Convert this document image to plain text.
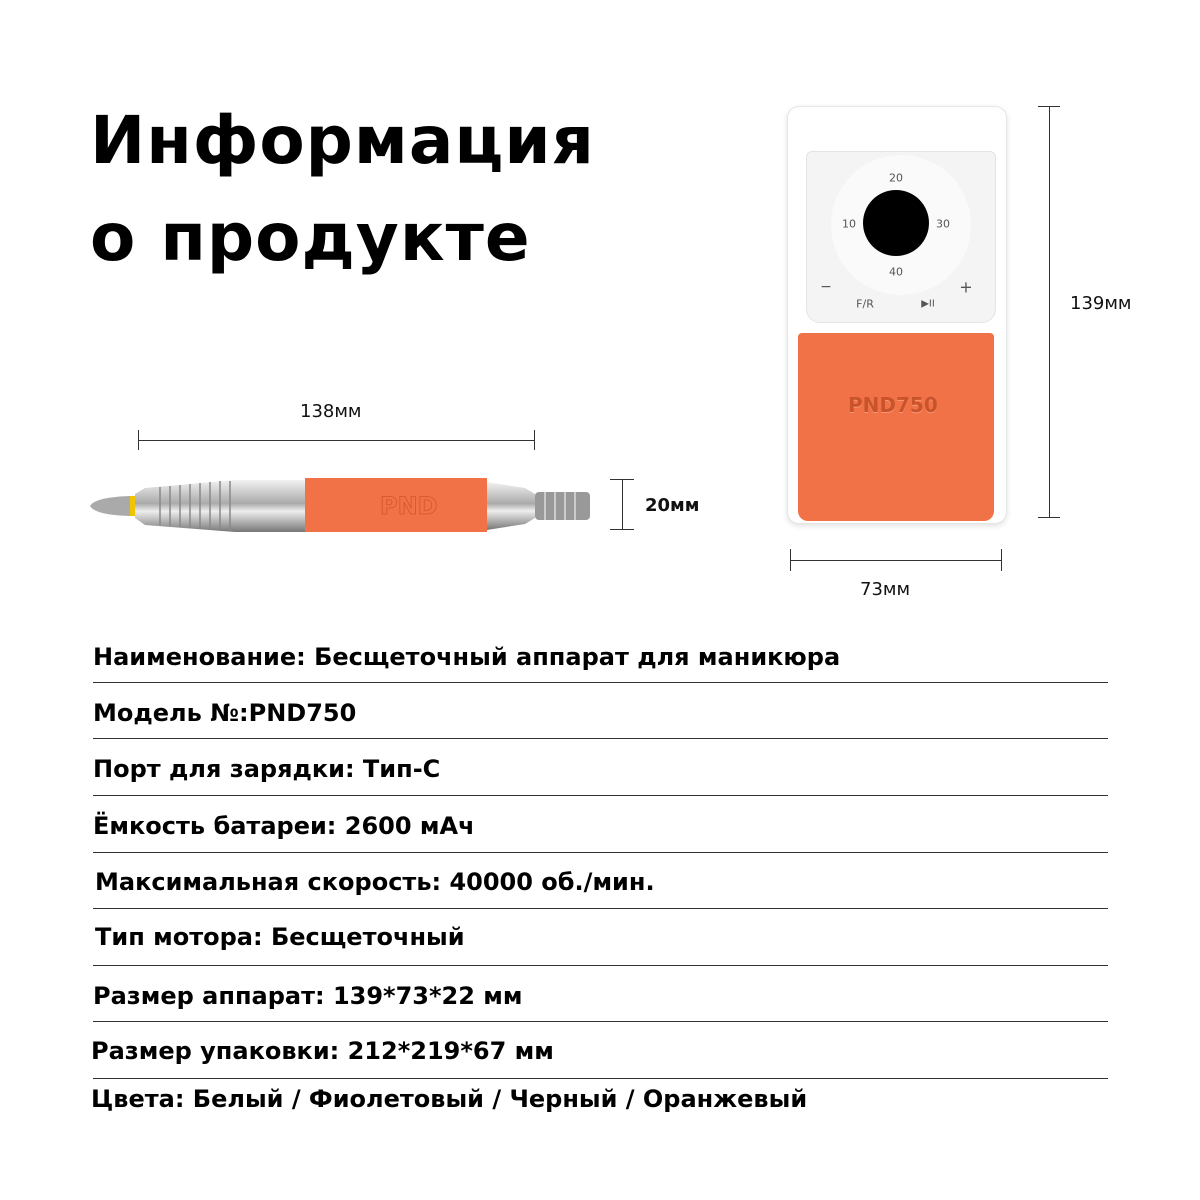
Информация
о продукте
138мм
20мм
PND
20
10	30
40
−	+
F/R	▶II
PND750
139мм
73мм
Наименование: Бесщеточный аппарат для маникюра
Модель №:PND750
Порт для зарядки: Тип-C
Ёмкость батареи: 2600 мАч
Максимальная скорость: 40000 об./мин.
Тип мотора: Бесщеточный
Размер аппарат: 139*73*22 мм
Размер упаковки: 212*219*67 мм
Цвета: Белый / Фиолетовый / Черный / Оранжевый
